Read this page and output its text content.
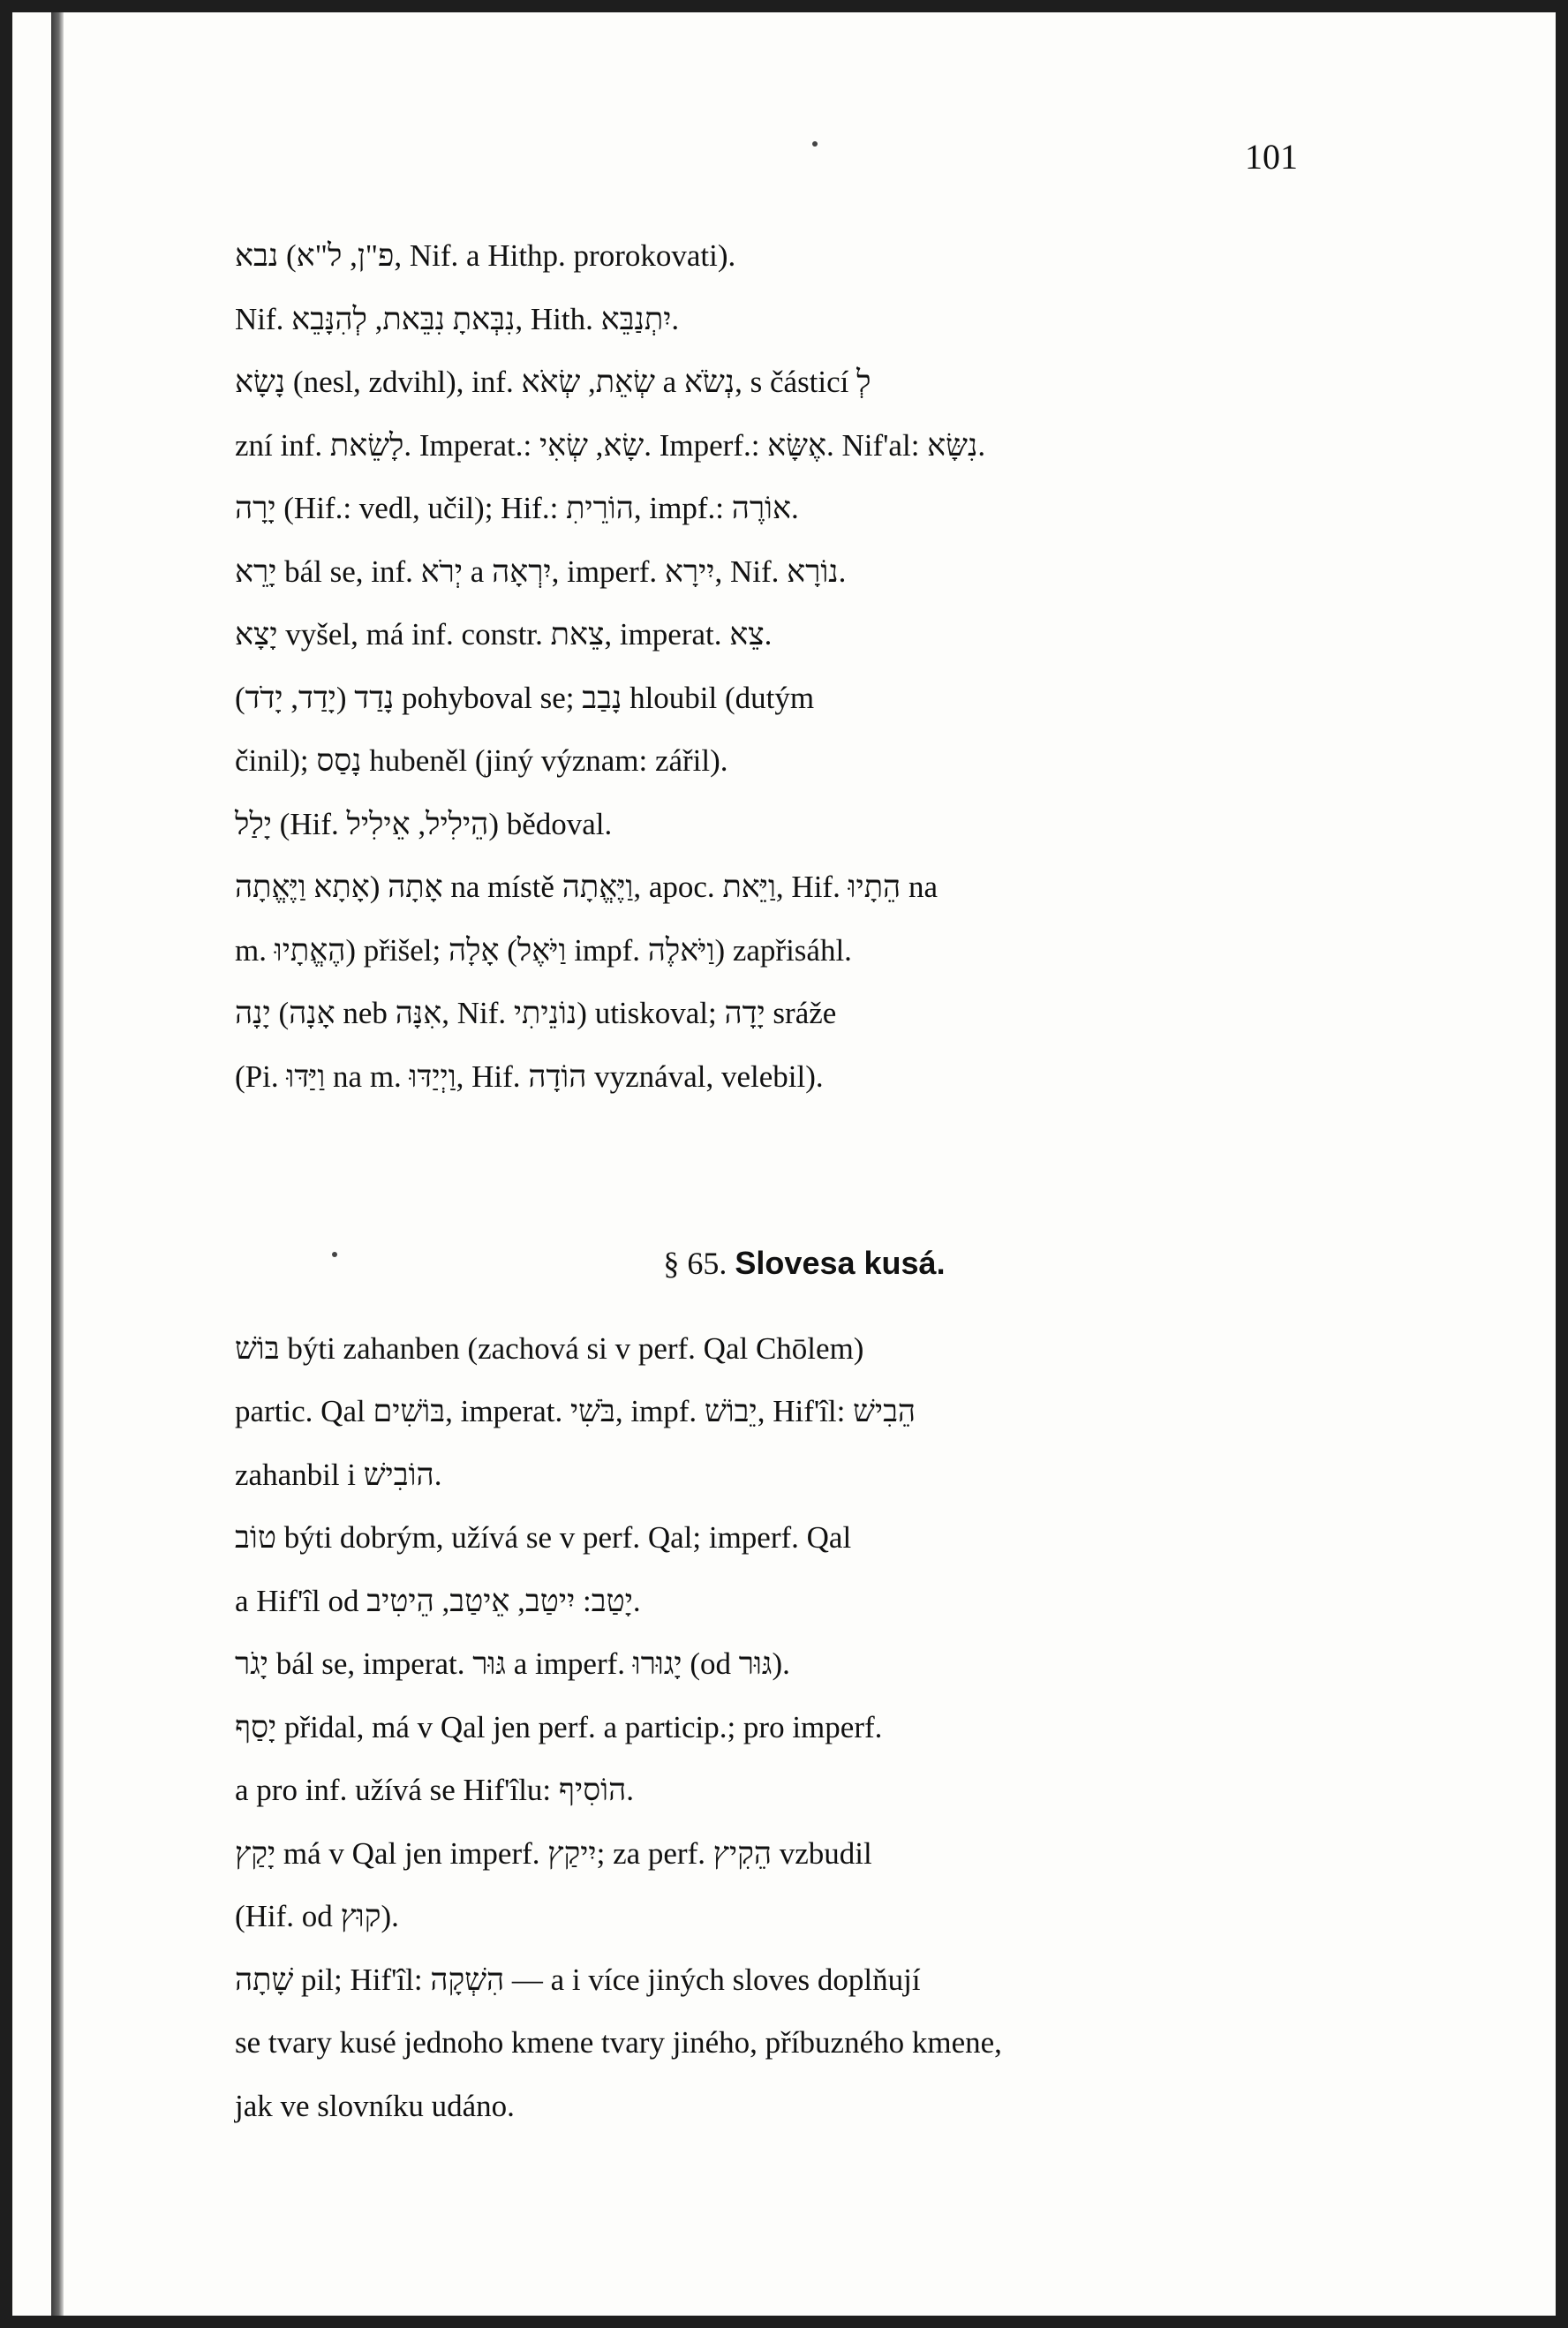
101
נבא (פ"ן, ל"א, Nif. a Hithp. prorokovati).
Nif. נִבְּאתָ נִבֵּאת, לְהִנָּבֵא, Hith. יִתְנַבֵּא.
נָשָׂא (nesl, zdvihl), inf. שְׂאֵת, שְׂאֹא a נְשֹׂא, s částicí לְ
zní inf. לָשֵׂאת. Imperat.: שָׂא, שְׂאִי. Imperf.: אֶשָּׂא. Nif'al: נִשָּׂא.
יָרָה (Hif.: vedl, učil); Hif.: הוֹרֵיתִ, impf.: אוֹרֶה.
יָרֵא bál se, inf. יְרֹא a יִרְאָה, imperf. יִירָא, Nif. נוֹרָא.
יָצָא vyšel, má inf. constr. צֵאת, imperat. צֵא.
נָדַד (יָדַד, יָדֹד) pohyboval se; נָבַב hloubil (dutým
činil); נָסַס hubeněl (jiný význam: zářil).
יָלַל (Hif. הֵילִיל, אֵילִיל) bědoval.
אָתָה (אָתָא וַיֶּאֱתָה na místě וַיֶּאֱתָה, apoc. וַיֵּאת, Hif. הֵתָיוּ na
m. הֶאֱתָיוּ) přišel; אָלָה (וַיֹּאֶל impf. וַיֹּאלֶה) zapřisáhl.
יָנָה (אָנָה neb אִנָּה, Nif. נוֹנֵיתִי) utiskoval; יָדָה sráže
(Pi. וַיַּדּוּ na m. וַיְיַדּוּ, Hif. הוֹדָה vyznával, velebil).
§ 65. Slovesa kusá.
בּוֹשׁ býti zahanben (zachová si v perf. Qal Chōlem)
partic. Qal בּוֹשִׁים, imperat. בֹּשִׁי, impf. יֵבוֹשׁ, Hif'îl: הֵבִישׁ
zahanbil i הוֹבִישׁ.
טוֹב býti dobrým, užívá se v perf. Qal; imperf. Qal
a Hif'îl od יָטַב: יִיטַב, אֵיטַב, הֵיטִיב.
יָגֹר bál se, imperat. גּוּר a imperf. יָגוּרוּ (od גּוּר).
יָסַף přidal, má v Qal jen perf. a particip.; pro imperf.
a pro inf. užívá se Hif'îlu: הוֹסִיף.
יָקַץ má v Qal jen imperf. יִיקַץ; za perf. הֵקִיץ vzbudil
(Hif. od קוּץ).
שָׁתָה pil; Hif'îl: הִשְׁקָה — a i více jiných sloves doplňují
se tvary kusé jednoho kmene tvary jiného, příbuzného kmene,
jak ve slovníku udáno.
